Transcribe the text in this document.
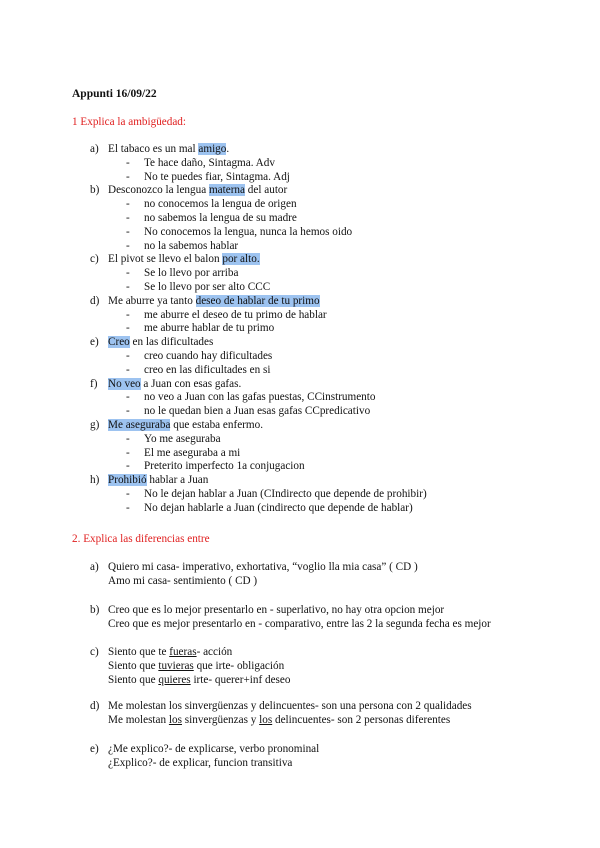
Appunti 16/09/22
1 Explica la ambigüedad:
a) El tabaco es un mal amigo.
- Te hace daño, Sintagma. Adv
- No te puedes fiar, Sintagma. Adj
b) Desconozco la lengua materna del autor
- no conocemos la lengua de origen
- no sabemos la lengua de su madre
- No conocemos la lengua, nunca la hemos oido
- no la sabemos hablar
c) El pivot se llevo el balon por alto.
- Se lo llevo por arriba
- Se lo llevo por ser alto CCC
d) Me aburre ya tanto deseo de hablar de tu primo
- me aburre el deseo de tu primo de hablar
- me aburre hablar de tu primo
e) Creo en las dificultades
- creo cuando hay dificultades
- creo en las dificultades en si
f) No veo a Juan con esas gafas.
- no veo a Juan con las gafas puestas, CCinstrumento
- no le quedan bien a Juan esas gafas CCpredicativo
g) Me aseguraba que estaba enfermo.
- Yo me aseguraba
- El me aseguraba a mi
- Preterito imperfecto 1a conjugacion
h) Prohibió hablar a Juan
- No le dejan hablar a Juan (CIndirecto que depende de prohibir)
- No dejan hablarle a Juan (cindirecto que depende de hablar)
2. Explica las diferencias entre
a) Quiero mi casa- imperativo, exhortativa, “voglio lla mia casa” ( CD )
Amo mi casa- sentimiento ( CD )
b) Creo que es lo mejor presentarlo en - superlativo, no hay otra opcion mejor
Creo que es mejor presentarlo en - comparativo, entre las 2 la segunda fecha es mejor
c) Siento que te fueras- acción
Siento que tuvieras que irte- obligación
Siento que quieres irte- querer+inf deseo
d) Me molestan los sinvergüenzas y delincuentes- son una persona con 2 qualidades
Me molestan los sinvergüenzas y los delincuentes- son 2 personas diferentes
e) ¿Me explico?- de explicarse, verbo pronominal
¿Explico?- de explicar, funcion transitiva
